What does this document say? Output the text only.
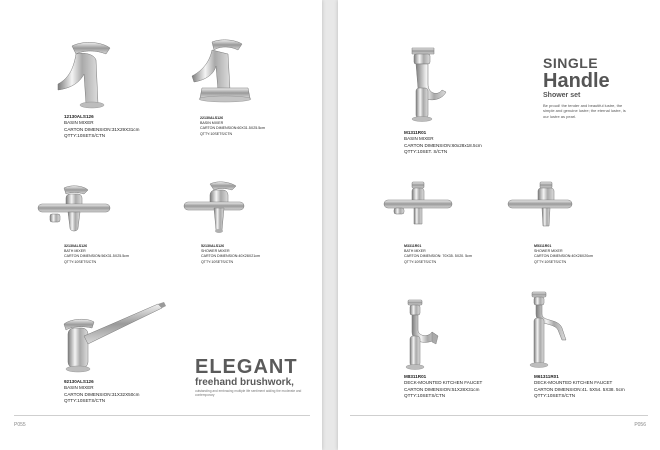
12130ALS126
BASIN MIXER
CARTON DIMENSION:31X29X31cm
QTTY:10SETS/CTN
22130ALS126
BASIN MIXER
CARTON DIMENSION:60X31.5X25.5cm
QTTY:10SETS/CTN
32130ALS126
BATH MIXER
CARTON DIMENSION:56X31.5X25.5cm
QTTY:10SETS/CTN
52130ALS126
SHOWER MIXER
CARTON DIMENSION:40X28X21cm
QTTY:10SETS/CTN
92130ALS126
BASIN MIXER
CARTON DIMENSION:31X32X50cm
QTTY:10SETS/CTN
ELEGANT
freehand brushwork,
outstanding and embracing multiple life sentiment adding the moderate and contemporary
P055
M1311R01
BASIN MIXER
CARTON DIMENSION:60x28x18.5cm
QTTY:10SET. S/CTN
SINGLE
Handle
Shower set
Be proud! the tender and beautiful lustre, the simple and genuine lustre; the eternal lustre, is our lustre as pearl.
M3311R01
BATH MIXER
CARTON DIMENSION: 70X35. 5X20. 5cm
QTTY:10SETS/CTN
M5311R01
SHOWER MIXER
CARTON DIMENSION:40X28X20cm
QTTY:10SETS/CTN
M8311R01
DECK-MOUNTED KITCHEN FAUCET
CARTON DIMENSION:51X28X31cm
QTTY:10SETS/CTN
M61311R01
DECK-MOUNTED KITCHEN FAUCET
CARTON DIMENSION:41. 5X54. 5X38. 5cm
QTTY:10SETS/CTN
P056
